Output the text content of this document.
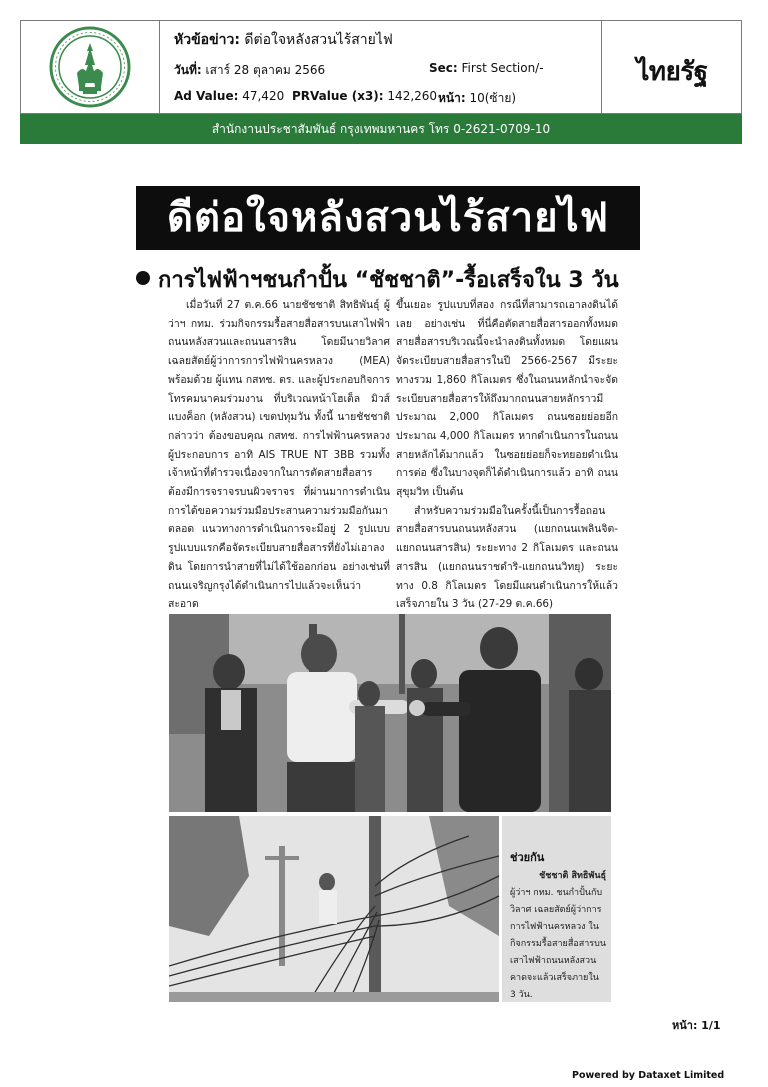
หัวข้อข่าว: ดีต่อใจหลังสวนไร้สายไฟ
วันที่: เสาร์ 28 ตุลาคม 2566	Sec: First Section/-
Ad Value: 47,420 PRValue (x3): 142,260 หน้า: 10(ซ้าย)
ไทยรัฐ
สำนักงานประชาสัมพันธ์ กรุงเทพมหานคร โทร 0-2621-0709-10
ดีต่อใจหลังสวนไร้สายไฟ
การไฟฟ้าฯชนกำปั้น “ชัชชาติ”-รื้อเสร็จใน 3 วัน

เมื่อวันที่ 27 ต.ค.66 นายชัชชาติ สิทธิพันธุ์ ผู้ว่าฯ กทม. ร่วมกิจกรรมรื้อสายสื่อสารบนเสาไฟฟ้า ถนนหลังสวนและถนนสารสิน โดยมีนายวิลาศ เฉลยสัตย์ผู้ว่าการการไฟฟ้านครหลวง (MEA) พร้อมด้วย ผู้แทน กสทช. ตร. และผู้ประกอบกิจการโทรคมนาคมร่วมงาน ที่บริเวณหน้าโฮเต็ล มิวส์ แบงค็อก (หลังสวน) เขตปทุมวัน ทั้งนี้ นายชัชชาติกล่าวว่า ต้องขอบคุณ กสทช. การไฟฟ้านครหลวง ผู้ประกอบการ อาทิ AIS TRUE NT 3BB รวมทั้งเจ้าหน้าที่ตำรวจเนื่องจากในการตัดสายสื่อสารต้องมีการจราจรบนผิวจราจร ที่ผ่านมาการดำเนินการได้ขอความร่วมมือประสานความร่วมมือกันมาตลอด แนวทางการดำเนินการจะมีอยู่ 2 รูปแบบ รูปแบบแรกคือจัดระเบียบสายสื่อสารที่ยังไม่เอาลงดิน โดยการนำสายที่ไม่ได้ใช้ออกก่อน อย่างเช่นที่ถนนเจริญกรุงได้ดำเนินการไปแล้วจะเห็นว่าสะอาด

ขึ้นเยอะ รูปแบบที่สอง กรณีที่สามารถเอาลงดินได้เลย อย่างเช่น ที่นี่คือตัดสายสื่อสารออกทั้งหมด สายสื่อสารบริเวณนี้จะนำลงดินทั้งหมด โดยแผนจัดระเบียบสายสื่อสารในปี 2566-2567 มีระยะทางรวม 1,860 กิโลเมตร ซึ่งในถนนหลักนำจะจัดระเบียบสายสื่อสารให้ถึงมากถนนสายหลักราวมีประมาณ 2,000 กิโลเมตร ถนนซอยย่อยอีกประมาณ 4,000 กิโลเมตร หากดำเนินการในถนนสายหลักได้มากแล้ว ในซอยย่อยก็จะทยอยดำเนินการต่อ ซึ่งในบางจุดก็ได้ดำเนินการแล้ว อาทิ ถนนสุขุมวิท เป็นต้น

สำหรับความร่วมมือในครั้งนี้เป็นการรื้อถอนสายสื่อสารบนถนนหลังสวน (แยกถนนเพลินจิต-แยกถนนสารสิน) ระยะทาง 2 กิโลเมตร และถนนสารสิน (แยกถนนราชดำริ-แยกถนนวิทยุ) ระยะทาง 0.8 กิโลเมตร โดยมีแผนดำเนินการให้แล้วเสร็จภายใน 3 วัน (27-29 ต.ค.66)

ช่วยกัน
ชัชชาติ สิทธิพันธุ์
ผู้ว่าฯ กทม. ชนกำปั้นกับ วิลาศ เฉลยสัตย์ผู้ว่าการการไฟฟ้านครหลวง ในกิจกรรมรื้อสายสื่อสารบนเสาไฟฟ้าถนนหลังสวน คาดจะแล้วเสร็จภายใน 3 วัน.
หน้า: 1/1
Powered by Dataxet Limited
